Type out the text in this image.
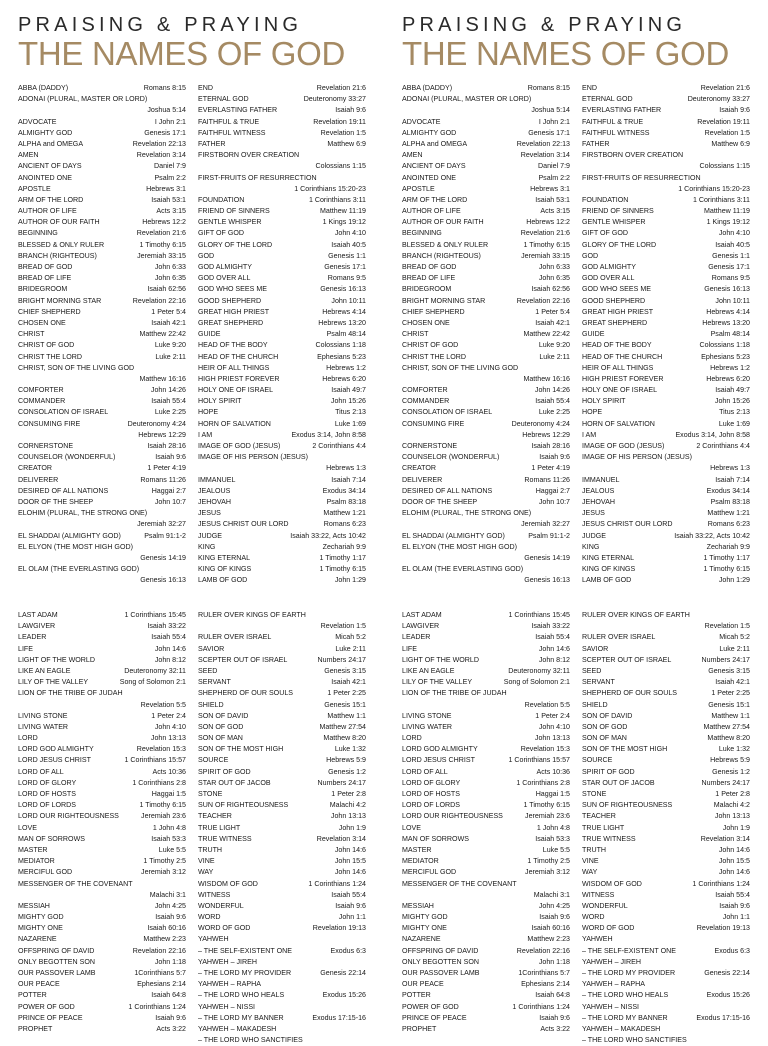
PRAISING & PRAYING
THE NAMES OF GOD
ABBA (DADDY)	Romans 8:15
ADONAI (PLURAL, MASTER OR LORD)
Joshua 5:14
ADVOCATE	I John 2:1
ALMIGHTY GOD	Genesis 17:1
ALPHA and OMEGA	Revelation 22:13
AMEN	Revelation 3:14
ANCIENT OF DAYS	Daniel 7:9
ANOINTED ONE	Psalm 2:2
APOSTLE	Hebrews 3:1
ARM OF THE LORD	Isaiah 53:1
AUTHOR OF LIFE	Acts 3:15
AUTHOR OF OUR FAITH	Hebrews 12:2
BEGINNING	Revelation 21:6
BLESSED & ONLY RULER	1 Timothy 6:15
BRANCH (RIGHTEOUS)	Jeremiah 33:15
BREAD OF GOD	John 6:33
BREAD OF LIFE	John 6:35
BRIDEGROOM	Isaiah 62:56
BRIGHT MORNING STAR	Revelation 22:16
CHIEF SHEPHERD	1 Peter 5:4
CHOSEN ONE	Isaiah 42:1
CHRIST	Matthew 22:42
CHRIST OF GOD	Luke 9:20
CHRIST THE LORD	Luke 2:11
CHRIST, SON OF THE LIVING GOD
Matthew 16:16
COMFORTER	John 14:26
COMMANDER	Isaiah 55:4
CONSOLATION OF ISRAEL	Luke 2:25
CONSUMING FIRE	Deuteronomy 4:24
Hebrews 12:29
CORNERSTONE	Isaiah 28:16
COUNSELOR (WONDERFUL)	Isaiah 9:6
CREATOR	1 Peter 4:19
DELIVERER	Romans 11:26
DESIRED OF ALL NATIONS	Haggai 2:7
DOOR OF THE SHEEP	John 10:7
ELOHIM (PLURAL, THE STRONG ONE)
Jeremiah 32:27
EL SHADDAI (ALMIGHTY GOD)	Psalm 91:1-2
EL ELYON (THE MOST HIGH GOD)
Genesis 14:19
EL OLAM (THE EVERLASTING GOD)
Genesis 16:13
END	Revelation 21:6
ETERNAL GOD	Deuteronomy 33:27
EVERLASTING FATHER	Isaiah 9:6
FAITHFUL & TRUE	Revelation 19:11
FAITHFUL WITNESS	Revelation 1:5
FATHER	Matthew 6:9
FIRSTBORN OVER CREATION
Colossians 1:15
FIRST-FRUITS OF RESURRECTION
1 Corinthians 15:20-23
FOUNDATION	1 Corinthians 3:11
FRIEND OF SINNERS	Matthew 11:19
GENTLE WHISPER	1 Kings 19:12
GIFT OF GOD	John 4:10
GLORY OF THE LORD	Isaiah 40:5
GOD	Genesis 1:1
GOD ALMIGHTY	Genesis 17:1
GOD OVER ALL	Romans 9:5
GOD WHO SEES ME	Genesis 16:13
GOOD SHEPHERD	John 10:11
GREAT HIGH PRIEST	Hebrews 4:14
GREAT SHEPHERD	Hebrews 13:20
GUIDE	Psalm 48:14
HEAD OF THE BODY	Colossians 1:18
HEAD OF THE CHURCH	Ephesians 5:23
HEIR OF ALL THINGS	Hebrews 1:2
HIGH PRIEST FOREVER	Hebrews 6:20
HOLY ONE OF ISRAEL	Isaiah 49:7
HOLY SPIRIT	John 15:26
HOPE	Titus 2:13
HORN OF SALVATION	Luke 1:69
I AM	Exodus 3:14, John 8:58
IMAGE OF GOD (JESUS)	2 Corinthians 4:4
IMAGE OF HIS PERSON (JESUS)
Hebrews 1:3
IMMANUEL	Isaiah 7:14
JEALOUS	Exodus 34:14
JEHOVAH	Psalm 83:18
JESUS	Matthew 1:21
JESUS CHRIST OUR LORD	Romans 6:23
JUDGE	Isaiah 33:22, Acts 10:42
KING	Zechariah 9:9
KING ETERNAL	1 Timothy 1:17
KING OF KINGS	1 Timothy 6:15
LAMB OF GOD	John 1:29
PRAISING & PRAYING
THE NAMES OF GOD
ABBA (DADDY)	Romans 8:15
ADONAI (PLURAL, MASTER OR LORD)
Joshua 5:14
ADVOCATE	I John 2:1
ALMIGHTY GOD	Genesis 17:1
ALPHA and OMEGA	Revelation 22:13
AMEN	Revelation 3:14
ANCIENT OF DAYS	Daniel 7:9
ANOINTED ONE	Psalm 2:2
APOSTLE	Hebrews 3:1
ARM OF THE LORD	Isaiah 53:1
AUTHOR OF LIFE	Acts 3:15
AUTHOR OF OUR FAITH	Hebrews 12:2
BEGINNING	Revelation 21:6
BLESSED & ONLY RULER	1 Timothy 6:15
BRANCH (RIGHTEOUS)	Jeremiah 33:15
BREAD OF GOD	John 6:33
BREAD OF LIFE	John 6:35
BRIDEGROOM	Isaiah 62:56
BRIGHT MORNING STAR	Revelation 22:16
CHIEF SHEPHERD	1 Peter 5:4
CHOSEN ONE	Isaiah 42:1
CHRIST	Matthew 22:42
CHRIST OF GOD	Luke 9:20
CHRIST THE LORD	Luke 2:11
CHRIST, SON OF THE LIVING GOD
Matthew 16:16
COMFORTER	John 14:26
COMMANDER	Isaiah 55:4
CONSOLATION OF ISRAEL	Luke 2:25
CONSUMING FIRE	Deuteronomy 4:24
Hebrews 12:29
CORNERSTONE	Isaiah 28:16
COUNSELOR (WONDERFUL)	Isaiah 9:6
CREATOR	1 Peter 4:19
DELIVERER	Romans 11:26
DESIRED OF ALL NATIONS	Haggai 2:7
DOOR OF THE SHEEP	John 10:7
ELOHIM (PLURAL, THE STRONG ONE)
Jeremiah 32:27
EL SHADDAI (ALMIGHTY GOD)	Psalm 91:1-2
EL ELYON (THE MOST HIGH GOD)
Genesis 14:19
EL OLAM (THE EVERLASTING GOD)
Genesis 16:13
END	Revelation 21:6
ETERNAL GOD	Deuteronomy 33:27
EVERLASTING FATHER	Isaiah 9:6
FAITHFUL & TRUE	Revelation 19:11
FAITHFUL WITNESS	Revelation 1:5
FATHER	Matthew 6:9
FIRSTBORN OVER CREATION
Colossians 1:15
FIRST-FRUITS OF RESURRECTION
1 Corinthians 15:20-23
FOUNDATION	1 Corinthians 3:11
FRIEND OF SINNERS	Matthew 11:19
GENTLE WHISPER	1 Kings 19:12
GIFT OF GOD	John 4:10
GLORY OF THE LORD	Isaiah 40:5
GOD	Genesis 1:1
GOD ALMIGHTY	Genesis 17:1
GOD OVER ALL	Romans 9:5
GOD WHO SEES ME	Genesis 16:13
GOOD SHEPHERD	John 10:11
GREAT HIGH PRIEST	Hebrews 4:14
GREAT SHEPHERD	Hebrews 13:20
GUIDE	Psalm 48:14
HEAD OF THE BODY	Colossians 1:18
HEAD OF THE CHURCH	Ephesians 5:23
HEIR OF ALL THINGS	Hebrews 1:2
HIGH PRIEST FOREVER	Hebrews 6:20
HOLY ONE OF ISRAEL	Isaiah 49:7
HOLY SPIRIT	John 15:26
HOPE	Titus 2:13
HORN OF SALVATION	Luke 1:69
I AM	Exodus 3:14, John 8:58
IMAGE OF GOD (JESUS)	2 Corinthians 4:4
IMAGE OF HIS PERSON (JESUS)
Hebrews 1:3
IMMANUEL	Isaiah 7:14
JEALOUS	Exodus 34:14
JEHOVAH	Psalm 83:18
JESUS	Matthew 1:21
JESUS CHRIST OUR LORD	Romans 6:23
JUDGE	Isaiah 33:22, Acts 10:42
KING	Zechariah 9:9
KING ETERNAL	1 Timothy 1:17
KING OF KINGS	1 Timothy 6:15
LAMB OF GOD	John 1:29
LAST ADAM	1 Corinthians 15:45
LAWGIVER	Isaiah 33:22
LEADER	Isaiah 55:4
LIFE	John 14:6
LIGHT OF THE WORLD	John 8:12
LIKE AN EAGLE	Deuteronomy 32:11
LILY OF THE VALLEY	Song of Solomon 2:1
LION OF THE TRIBE OF JUDAH
Revelation 5:5
LIVING STONE	1 Peter 2:4
LIVING WATER	John 4:10
LORD	John 13:13
LORD GOD ALMIGHTY	Revelation 15:3
LORD JESUS CHRIST	1 Corinthians 15:57
LORD OF ALL	Acts 10:36
LORD OF GLORY	1 Corinthians 2:8
LORD OF HOSTS	Haggai 1:5
LORD OF LORDS	1 Timothy 6:15
LORD OUR RIGHTEOUSNESS	Jeremiah 23:6
LOVE	1 John 4:8
MAN OF SORROWS	Isaiah 53:3
MASTER	Luke 5:5
MEDIATOR	1 Timothy 2:5
MERCIFUL GOD	Jeremiah 3:12
MESSENGER OF THE COVENANT
Malachi 3:1
MESSIAH	John 4:25
MIGHTY GOD	Isaiah 9:6
MIGHTY ONE	Isaiah 60:16
NAZARENE	Matthew 2:23
OFFSPRING OF DAVID	Revelation 22:16
ONLY BEGOTTEN SON	John 1:18
OUR PASSOVER LAMB	1Corinthians 5:7
OUR PEACE	Ephesians 2:14
POTTER	Isaiah 64:8
POWER OF GOD	1 Corinthians 1:24
PRINCE OF PEACE	Isaiah 9:6
PROPHET	Acts 3:22
RULER OVER KINGS OF EARTH
Revelation 1:5
RULER OVER ISRAEL	Micah 5:2
SAVIOR	Luke 2:11
SCEPTER OUT OF ISRAEL	Numbers 24:17
SEED	Genesis 3:15
SERVANT	Isaiah 42:1
SHEPHERD OF OUR SOULS	1 Peter 2:25
SHIELD	Genesis 15:1
SON OF DAVID	Matthew 1:1
SON OF GOD	Matthew 27:54
SON OF MAN	Matthew 8:20
SON OF THE MOST HIGH	Luke 1:32
SOURCE	Hebrews 5:9
SPIRIT OF GOD	Genesis 1:2
STAR OUT OF JACOB	Numbers 24:17
STONE	1 Peter 2:8
SUN OF RIGHTEOUSNESS	Malachi 4:2
TEACHER	John 13:13
TRUE LIGHT	John 1:9
TRUE WITNESS	Revelation 3:14
TRUTH	John 14:6
VINE	John 15:5
WAY	John 14:6
WISDOM OF GOD	1 Corinthians 1:24
WITNESS	Isaiah 55:4
WONDERFUL	Isaiah 9:6
WORD	John 1:1
WORD OF GOD	Revelation 19:13
YAHWEH
– THE SELF-EXISTENT ONE	Exodus 6:3
YAHWEH – JIREH
– THE LORD MY PROVIDER	Genesis 22:14
YAHWEH – RAPHA
– THE LORD WHO HEALS	Exodus 15:26
YAHWEH – NISSI
– THE LORD MY BANNER	Exodus 17:15-16
YAHWEH – MAKADESH
– THE LORD WHO SANCTIFIES
LAST ADAM	1 Corinthians 15:45
LAWGIVER	Isaiah 33:22
LEADER	Isaiah 55:4
LIFE	John 14:6
LIGHT OF THE WORLD	John 8:12
LIKE AN EAGLE	Deuteronomy 32:11
LILY OF THE VALLEY	Song of Solomon 2:1
LION OF THE TRIBE OF JUDAH
Revelation 5:5
LIVING STONE	1 Peter 2:4
LIVING WATER	John 4:10
LORD	John 13:13
LORD GOD ALMIGHTY	Revelation 15:3
LORD JESUS CHRIST	1 Corinthians 15:57
LORD OF ALL	Acts 10:36
LORD OF GLORY	1 Corinthians 2:8
LORD OF HOSTS	Haggai 1:5
LORD OF LORDS	1 Timothy 6:15
LORD OUR RIGHTEOUSNESS	Jeremiah 23:6
LOVE	1 John 4:8
MAN OF SORROWS	Isaiah 53:3
MASTER	Luke 5:5
MEDIATOR	1 Timothy 2:5
MERCIFUL GOD	Jeremiah 3:12
MESSENGER OF THE COVENANT
Malachi 3:1
MESSIAH	John 4:25
MIGHTY GOD	Isaiah 9:6
MIGHTY ONE	Isaiah 60:16
NAZARENE	Matthew 2:23
OFFSPRING OF DAVID	Revelation 22:16
ONLY BEGOTTEN SON	John 1:18
OUR PASSOVER LAMB	1Corinthians 5:7
OUR PEACE	Ephesians 2:14
POTTER	Isaiah 64:8
POWER OF GOD	1 Corinthians 1:24
PRINCE OF PEACE	Isaiah 9:6
PROPHET	Acts 3:22
RULER OVER KINGS OF EARTH
Revelation 1:5
RULER OVER ISRAEL	Micah 5:2
SAVIOR	Luke 2:11
SCEPTER OUT OF ISRAEL	Numbers 24:17
SEED	Genesis 3:15
SERVANT	Isaiah 42:1
SHEPHERD OF OUR SOULS	1 Peter 2:25
SHIELD	Genesis 15:1
SON OF DAVID	Matthew 1:1
SON OF GOD	Matthew 27:54
SON OF MAN	Matthew 8:20
SON OF THE MOST HIGH	Luke 1:32
SOURCE	Hebrews 5:9
SPIRIT OF GOD	Genesis 1:2
STAR OUT OF JACOB	Numbers 24:17
STONE	1 Peter 2:8
SUN OF RIGHTEOUSNESS	Malachi 4:2
TEACHER	John 13:13
TRUE LIGHT	John 1:9
TRUE WITNESS	Revelation 3:14
TRUTH	John 14:6
VINE	John 15:5
WAY	John 14:6
WISDOM OF GOD	1 Corinthians 1:24
WITNESS	Isaiah 55:4
WONDERFUL	Isaiah 9:6
WORD	John 1:1
WORD OF GOD	Revelation 19:13
YAHWEH
– THE SELF-EXISTENT ONE	Exodus 6:3
YAHWEH – JIREH
– THE LORD MY PROVIDER	Genesis 22:14
YAHWEH – RAPHA
– THE LORD WHO HEALS	Exodus 15:26
YAHWEH – NISSI
– THE LORD MY BANNER	Exodus 17:15-16
YAHWEH – MAKADESH
– THE LORD WHO SANCTIFIES
